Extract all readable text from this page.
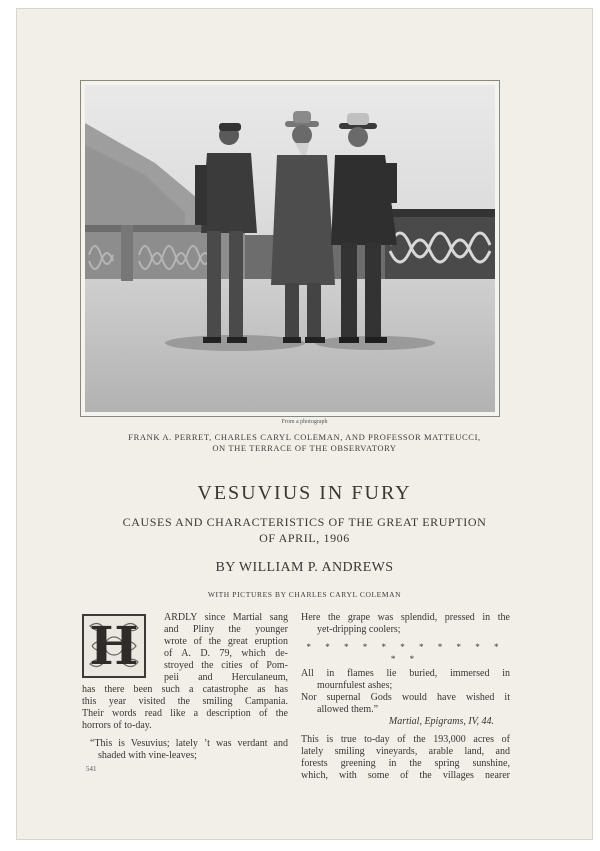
From a photograph
FRANK A. PERRET, CHARLES CARYL COLEMAN, AND PROFESSOR MATTEUCCI,
ON THE TERRACE OF THE OBSERVATORY
VESUVIUS IN FURY
CAUSES AND CHARACTERISTICS OF THE GREAT ERUPTION
OF APRIL, 1906
BY WILLIAM P. ANDREWS
WITH PICTURES BY CHARLES CARYL COLEMAN
H	ARDLY since Martial sang
and Pliny the younger
wrote of the great eruption
of A. D. 79, which de-
stroyed the cities of Pom-
peii and Herculaneum,
has there been such a catastrophe as has
this year visited the smiling Campania.
Their words read like a description of the
horrors of to-day.
“This is Vesuvius; lately ’t was verdant and
shaded with vine-leaves;
Here the grape was splendid, pressed in the
yet-dripping coolers;
* * * * * * * * * * * * *
All in flames lie buried, immersed in
mournfulest ashes;
Nor supernal Gods would have wished it
allowed them.”
Martial, Epigrams, IV, 44.
This is true to-day of the 193,000 acres of
lately smiling vineyards, arable land, and
forests greening in the spring sunshine,
which, with some of the villages nearer
541
